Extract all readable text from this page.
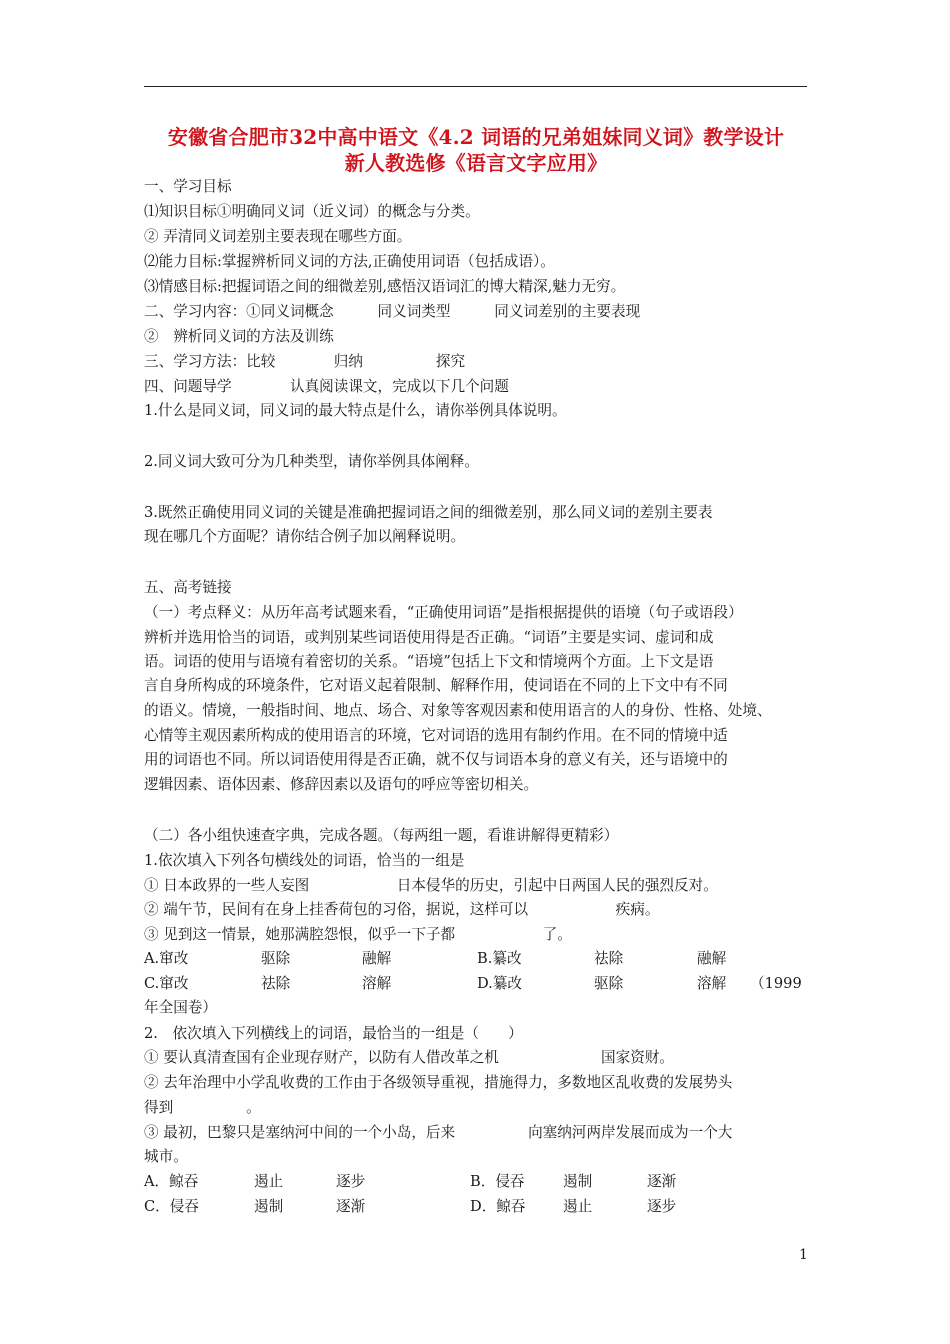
安徽省合肥市32中高中语文《4.2 词语的兄弟姐妹同义词》教学设计
新人教选修《语言文字应用》
一、学习目标
⑴知识目标①明确同义词（近义词）的概念与分类。
② 弄清同义词差别主要表现在哪些方面。
⑵能力目标:掌握辨析同义词的方法,正确使用词语（包括成语）。
⑶情感目标:把握词语之间的细微差别,感悟汉语词汇的博大精深,魅力无穷。
二、学习内容：①同义词概念　　　同义词类型　　　同义词差别的主要表现
②　辨析同义词的方法及训练
三、学习方法：比较　　　　归纳　　　　　探究
四、问题导学　　　　认真阅读课文，完成以下几个问题
1.什么是同义词，同义词的最大特点是什么，请你举例具体说明。
2.同义词大致可分为几种类型，请你举例具体阐释。
3.既然正确使用同义词的关键是准确把握词语之间的细微差别，那么同义词的差别主要表
现在哪几个方面呢？请你结合例子加以阐释说明。
五、高考链接
（一）考点释义：从历年高考试题来看，“正确使用词语”是指根据提供的语境（句子或语段）
辨析并选用恰当的词语，或判别某些词语使用得是否正确。“词语”主要是实词、虚词和成
语。词语的使用与语境有着密切的关系。“语境”包括上下文和情境两个方面。上下文是语
言自身所构成的环境条件，它对语义起着限制、解释作用，使词语在不同的上下文中有不同
的语义。情境，一般指时间、地点、场合、对象等客观因素和使用语言的人的身份、性格、处境、
心情等主观因素所构成的使用语言的环境，它对词语的选用有制约作用。在不同的情境中适
用的词语也不同。所以词语使用得是否正确，就不仅与词语本身的意义有关，还与语境中的
逻辑因素、语体因素、修辞因素以及语句的呼应等密切相关。
（二）各小组快速查字典，完成各题。（每两组一题，看谁讲解得更精彩）
1.依次填入下列各句横线处的词语，恰当的一组是
① 日本政界的一些人妄图　　　　　　日本侵华的历史，引起中日两国人民的强烈反对。
② 端午节，民间有在身上挂香荷包的习俗，据说，这样可以　　　　　　疾病。
③ 见到这一情景，她那满腔怨恨，似乎一下子都　　　　　　了。
A.窜改	驱除	融解	B.纂改	祛除	融解
C.窜改	祛除	溶解	D.纂改	驱除	溶解 （1999
年全国卷）
2.　依次填入下列横线上的词语，最恰当的一组是（　　）
① 要认真清查国有企业现存财产，以防有人借改革之机　　　　　　　国家资财。
② 去年治理中小学乱收费的工作由于各级领导重视，措施得力，多数地区乱收费的发展势头
得到　　　　　。
③ 最初，巴黎只是塞纳河中间的一个小岛，后来　　　　　向塞纳河两岸发展而成为一个大
城市。
A．鲸吞	遏止	逐步	B．侵吞	遏制	逐渐
C．侵吞	遏制	逐渐	D．鲸吞	遏止	逐步
1
